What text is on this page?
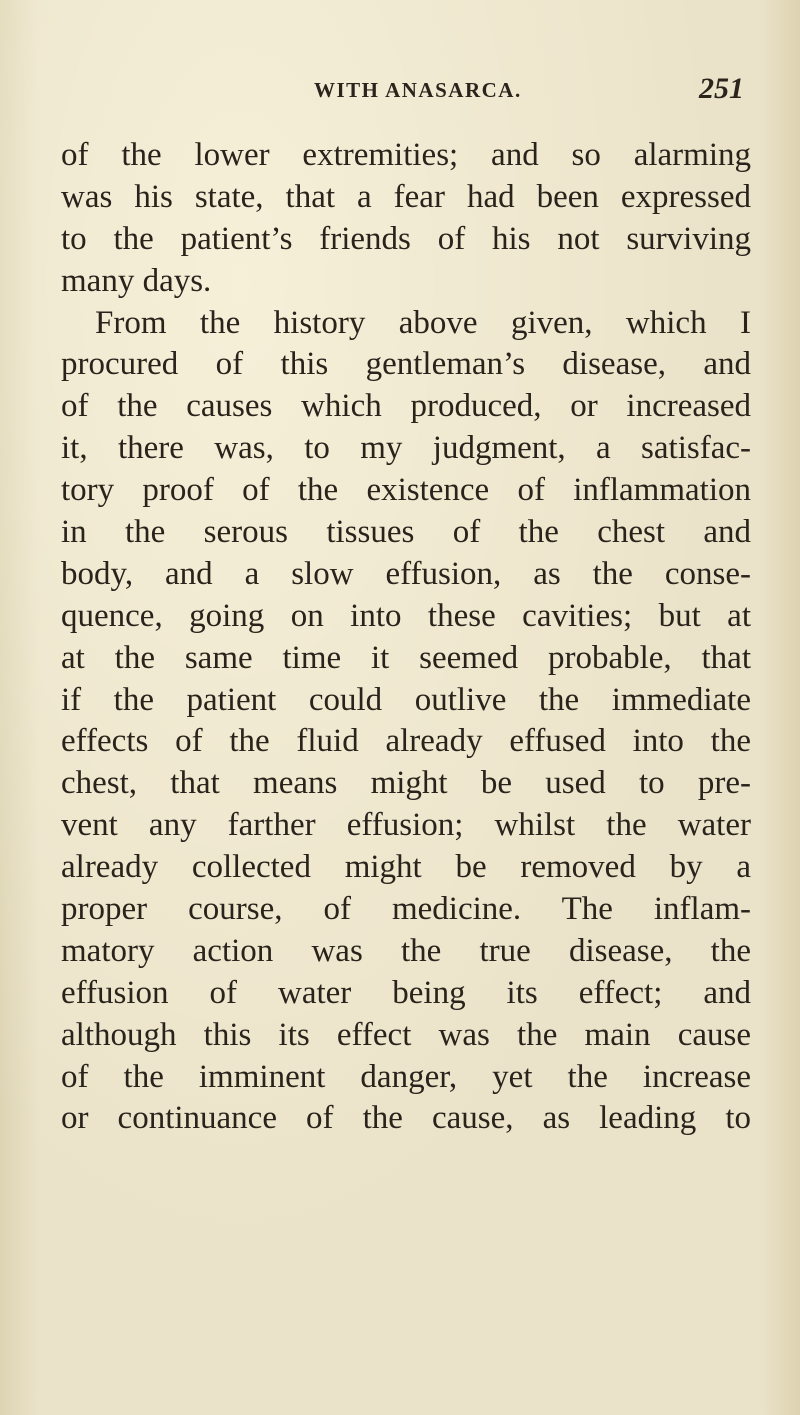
WITH ANASARCA.	251
of the lower extremities; and so alarming
was his state, that a fear had been expressed
to the patient’s friends of his not surviving
many days.
From the history above given, which I
procured of this gentleman’s disease, and
of the causes which produced, or increased
it, there was, to my judgment, a satisfac-
tory proof of the existence of inflammation
in the serous tissues of the chest and
body, and a slow effusion, as the conse-
quence, going on into these cavities; but at
at the same time it seemed probable, that
if the patient could outlive the immediate
effects of the fluid already effused into the
chest, that means might be used to pre-
vent any farther effusion; whilst the water
already collected might be removed by a
proper course, of medicine. The inflam-
matory action was the true disease, the
effusion of water being its effect; and
although this its effect was the main cause
of the imminent danger, yet the increase
or continuance of the cause, as leading to
